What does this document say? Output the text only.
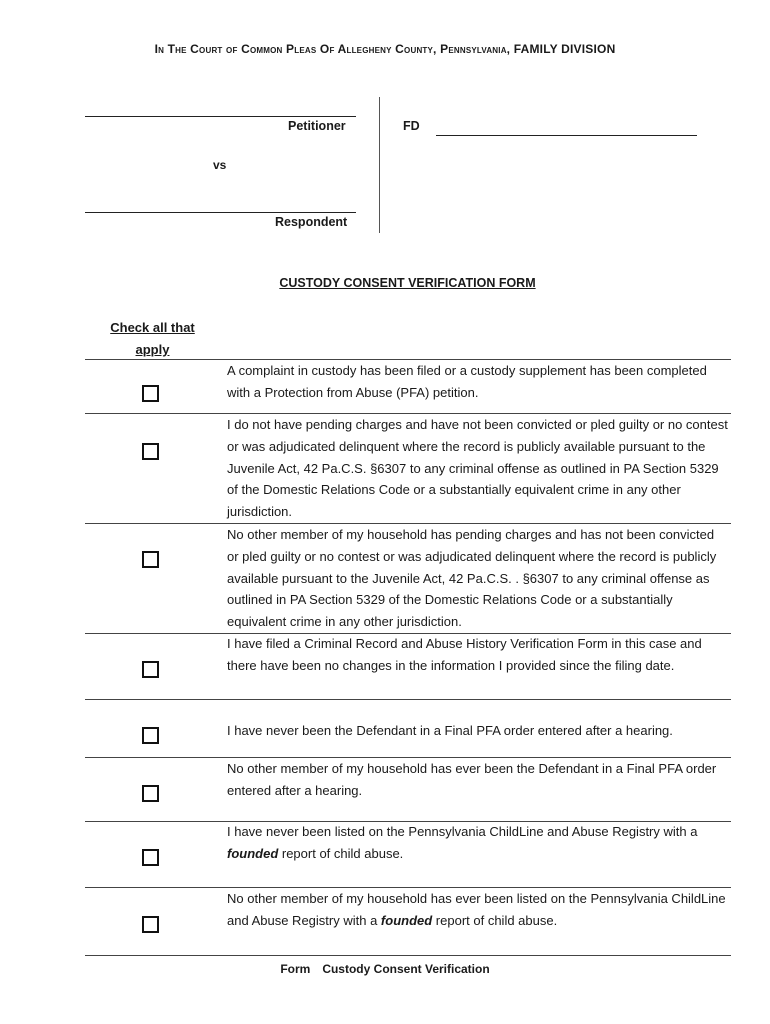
In The Court of Common Pleas Of Allegheny County, Pennsylvania, FAMILY DIVISION
Petitioner
vs
Respondent
FD
CUSTODY CONSENT VERIFICATION FORM
Check all that apply
A complaint in custody has been filed or a custody supplement has been completed with a Protection from Abuse (PFA) petition.
I do not have pending charges and have not been convicted or pled guilty or no contest or was adjudicated delinquent where the record is publicly available pursuant to the Juvenile Act, 42 Pa.C.S. §6307 to any criminal offense as outlined in PA Section 5329 of the Domestic Relations Code or a substantially equivalent crime in any other jurisdiction.
No other member of my household has pending charges and has not been convicted or pled guilty or no contest or was adjudicated delinquent where the record is publicly available pursuant to the Juvenile Act, 42 Pa.C.S. . §6307 to any criminal offense as outlined in PA Section 5329 of the Domestic Relations Code or a substantially equivalent crime in any other jurisdiction.
I have filed a Criminal Record and Abuse History Verification Form in this case and there have been no changes in the information I provided since the filing date.
I have never been the Defendant in a Final PFA order entered after a hearing.
No other member of my household has ever been the Defendant in a Final PFA order entered after a hearing.
I have never been listed on the Pennsylvania ChildLine and Abuse Registry with a founded report of child abuse.
No other member of my household has ever been listed on the Pennsylvania ChildLine and Abuse Registry with a founded report of child abuse.
Form Custody Consent Verification
